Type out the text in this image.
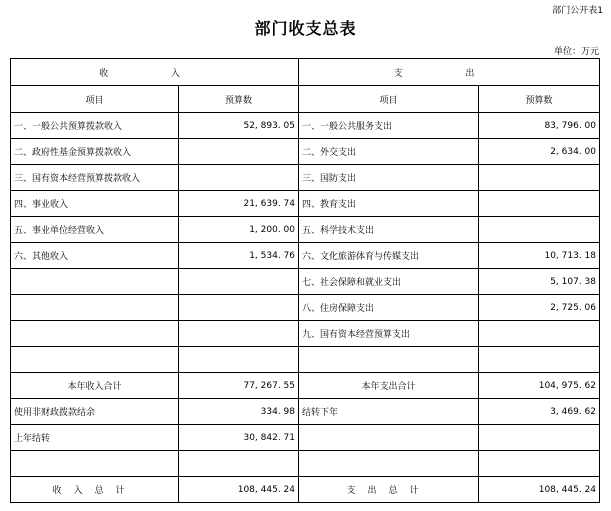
部门公开表1
部门收支总表
单位：万元
收 入		支 出	
项目	预算数	项目	预算数
一、一般公共预算拨款收入	52, 893. 05	一、一般公共服务支出	83, 796. 00
二、政府性基金预算拨款收入		二、外交支出	2, 634. 00
三、国有资本经营预算拨款收入		三、国防支出	
四、事业收入	21, 639. 74	四、教育支出	
五、事业单位经营收入	1, 200. 00	五、科学技术支出	
六、其他收入	1, 534. 76	六、文化旅游体育与传媒支出	10, 713. 18
		七、社会保障和就业支出	5, 107. 38
		八、住房保障支出	2, 725. 06
		九、国有资本经营预算支出	

本年收入合计	77, 267. 55	本年支出合计	104, 975. 62
使用非财政拨款结余	334. 98	结转下年	3, 469. 62
上年结转	30, 842. 71		

收入总计	108, 445. 24	支出总计	108, 445. 24
